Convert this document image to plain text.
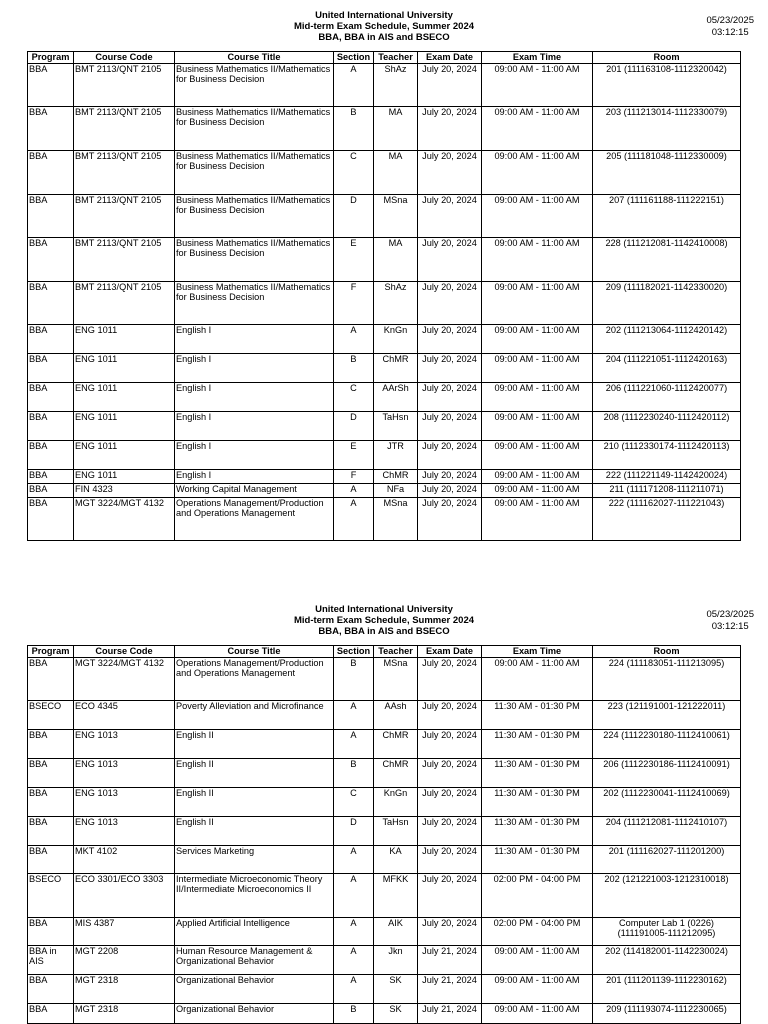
United International University
Mid-term Exam Schedule, Summer 2024
BBA, BBA in AIS and BSECO
05/23/2025
03:12:15
Program	Course Code	Course Title	Section	Teacher	Exam Date	Exam Time	Room
BBA	BMT 2113/QNT 2105	Business Mathematics II/Mathematics for Business Decision	A	ShAz	July 20, 2024	09:00 AM - 11:00 AM	201 (111163108-1112320042)
BBA	BMT 2113/QNT 2105	Business Mathematics II/Mathematics for Business Decision	B	MA	July 20, 2024	09:00 AM - 11:00 AM	203 (111213014-1112330079)
BBA	BMT 2113/QNT 2105	Business Mathematics II/Mathematics for Business Decision	C	MA	July 20, 2024	09:00 AM - 11:00 AM	205 (111181048-1112330009)
BBA	BMT 2113/QNT 2105	Business Mathematics II/Mathematics for Business Decision	D	MSna	July 20, 2024	09:00 AM - 11:00 AM	207 (111161188-111222151)
BBA	BMT 2113/QNT 2105	Business Mathematics II/Mathematics for Business Decision	E	MA	July 20, 2024	09:00 AM - 11:00 AM	228 (111212081-1142410008)
BBA	BMT 2113/QNT 2105	Business Mathematics II/Mathematics for Business Decision	F	ShAz	July 20, 2024	09:00 AM - 11:00 AM	209 (111182021-1142330020)
BBA	ENG 1011	English I	A	KnGn	July 20, 2024	09:00 AM - 11:00 AM	202 (111213064-1112420142)
BBA	ENG 1011	English I	B	ChMR	July 20, 2024	09:00 AM - 11:00 AM	204 (111221051-1112420163)
BBA	ENG 1011	English I	C	AArSh	July 20, 2024	09:00 AM - 11:00 AM	206 (111221060-1112420077)
BBA	ENG 1011	English I	D	TaHsn	July 20, 2024	09:00 AM - 11:00 AM	208 (1112230240-1112420112)
BBA	ENG 1011	English I	E	JTR	July 20, 2024	09:00 AM - 11:00 AM	210 (1112330174-1112420113)
BBA	ENG 1011	English I	F	ChMR	July 20, 2024	09:00 AM - 11:00 AM	222 (111221149-1142420024)
BBA	FIN 4323	Working Capital Management	A	NFa	July 20, 2024	09:00 AM - 11:00 AM	211 (111171208-111211071)
BBA	MGT 3224/MGT 4132	Operations Management/Production and Operations Management	A	MSna	July 20, 2024	09:00 AM - 11:00 AM	222 (111162027-111221043)
United International University
Mid-term Exam Schedule, Summer 2024
BBA, BBA in AIS and BSECO
05/23/2025
03:12:15
Program	Course Code	Course Title	Section	Teacher	Exam Date	Exam Time	Room
BBA	MGT 3224/MGT 4132	Operations Management/Production and Operations Management	B	MSna	July 20, 2024	09:00 AM - 11:00 AM	224 (111183051-111213095)
BSECO	ECO 4345	Poverty Alleviation and Microfinance	A	AAsh	July 20, 2024	11:30 AM - 01:30 PM	223 (121191001-121222011)
BBA	ENG 1013	English II	A	ChMR	July 20, 2024	11:30 AM - 01:30 PM	224 (1112230180-1112410061)
BBA	ENG 1013	English II	B	ChMR	July 20, 2024	11:30 AM - 01:30 PM	206 (1112230186-1112410091)
BBA	ENG 1013	English II	C	KnGn	July 20, 2024	11:30 AM - 01:30 PM	202 (1112230041-1112410069)
BBA	ENG 1013	English II	D	TaHsn	July 20, 2024	11:30 AM - 01:30 PM	204 (111212081-1112410107)
BBA	MKT 4102	Services Marketing	A	KA	July 20, 2024	11:30 AM - 01:30 PM	201 (111162027-111201200)
BSECO	ECO 3301/ECO 3303	Intermediate Microeconomic Theory II/Intermediate Microeconomics II	A	MFKK	July 20, 2024	02:00 PM - 04:00 PM	202 (121221003-1212310018)
BBA	MIS 4387	Applied Artificial Intelligence	A	AIK	July 20, 2024	02:00 PM - 04:00 PM	Computer Lab 1 (0226) (111191005-111212095)
BBA in AIS	MGT 2208	Human Resource Management & Organizational Behavior	A	Jkn	July 21, 2024	09:00 AM - 11:00 AM	202 (114182001-1142230024)
BBA	MGT 2318	Organizational Behavior	A	SK	July 21, 2024	09:00 AM - 11:00 AM	201 (111201139-1112230162)
BBA	MGT 2318	Organizational Behavior	B	SK	July 21, 2024	09:00 AM - 11:00 AM	209 (111193074-1112230065)
